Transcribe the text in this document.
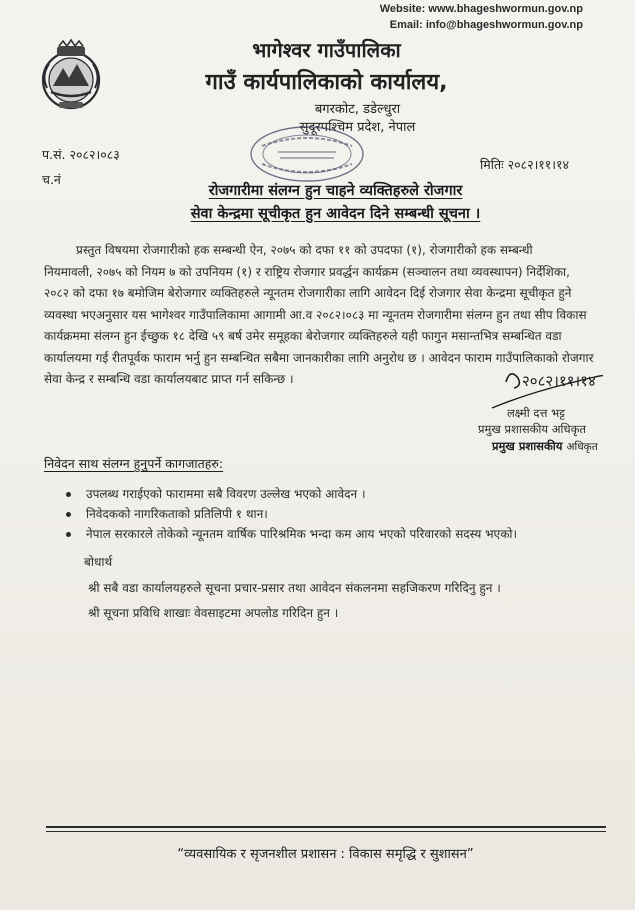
Website: www.bhageshwormun.gov.np
Email: info@bhageshwormun.gov.np
भागेश्वर गाउँपालिका
गाउँ कार्यपालिकाको कार्यालय,
बगरकोट, डडेल्धुरा
सुदूरपश्चिम प्रदेश, नेपाल
प.सं. २०८२।०८३
च.नं
मितिः २०८२।११।१४
रोजगारीमा संलग्न हुन चाहने व्यक्तिहरुले रोजगार
सेवा केन्द्रमा सूचीकृत हुन आवेदन दिने सम्बन्धी सूचना ।
प्रस्तुत विषयमा रोजगारीको हक सम्बन्धी ऐन, २०७५ को दफा ११ को उपदफा (१), रोजगारीको हक सम्बन्धी
नियमावली, २०७५ को नियम ७ को उपनियम (१) र राष्ट्रिय रोजगार प्रवर्द्धन कार्यक्रम (सञ्चालन तथा व्यवस्थापन) निर्देशिका,
२०८२ को दफा १७ बमोजिम बेरोजगार व्यक्तिहरुले न्यूनतम रोजगारीका लागि आवेदन दिई रोजगार सेवा केन्द्रमा सूचीकृत हुने
व्यवस्था भएअनुसार यस भागेश्वर गाउँपालिकामा आगामी आ.व २०८२।०८३ मा न्यूनतम रोजगारीमा संलग्न हुन तथा सीप विकास
कार्यक्रममा संलग्न हुन ईच्छुक १८ देखि ५९ बर्ष उमेर समूहका बेरोजगार व्यक्तिहरुले यही फागुन मसान्तभित्र सम्बन्धित वडा
कार्यालयमा गई रीतपूर्वक फाराम भर्नु हुन सम्बन्धित सबैमा जानकारीका लागि अनुरोध छ । आवेदन फाराम गाउँपालिकाको रोजगार
सेवा केन्द्र र सम्बन्धि वडा कार्यालयबाट प्राप्त गर्न सकिन्छ ।	२०८२।११।१४
लक्ष्मी दत्त भट्ट
प्रमुख प्रशासकीय अधिकृत
प्रमुख प्रशासकीय अधिकृत
निवेदन साथ संलग्न हुनुपर्ने कागजातहरु:
उपलब्ध गराईएको फाराममा सबै विवरण उल्लेख भएको आवेदन ।
निवेदकको नागरिकताको प्रतिलिपी १ थान।
नेपाल सरकारले तोकेको न्यूनतम वार्षिक पारिश्रमिक भन्दा कम आय भएको परिवारको सदस्य भएको।
बोधार्थ
श्री सबै वडा कार्यालयहरुले सूचना प्रचार-प्रसार तथा आवेदन संकलनमा सहजिकरण गरिदिनु हुन ।
श्री सूचना प्रविधि शाखाः वेवसाइटमा अपलोड गरिदिन हुन ।
“व्यवसायिक र सृजनशील प्रशासन : विकास समृद्धि र सुशासन”
